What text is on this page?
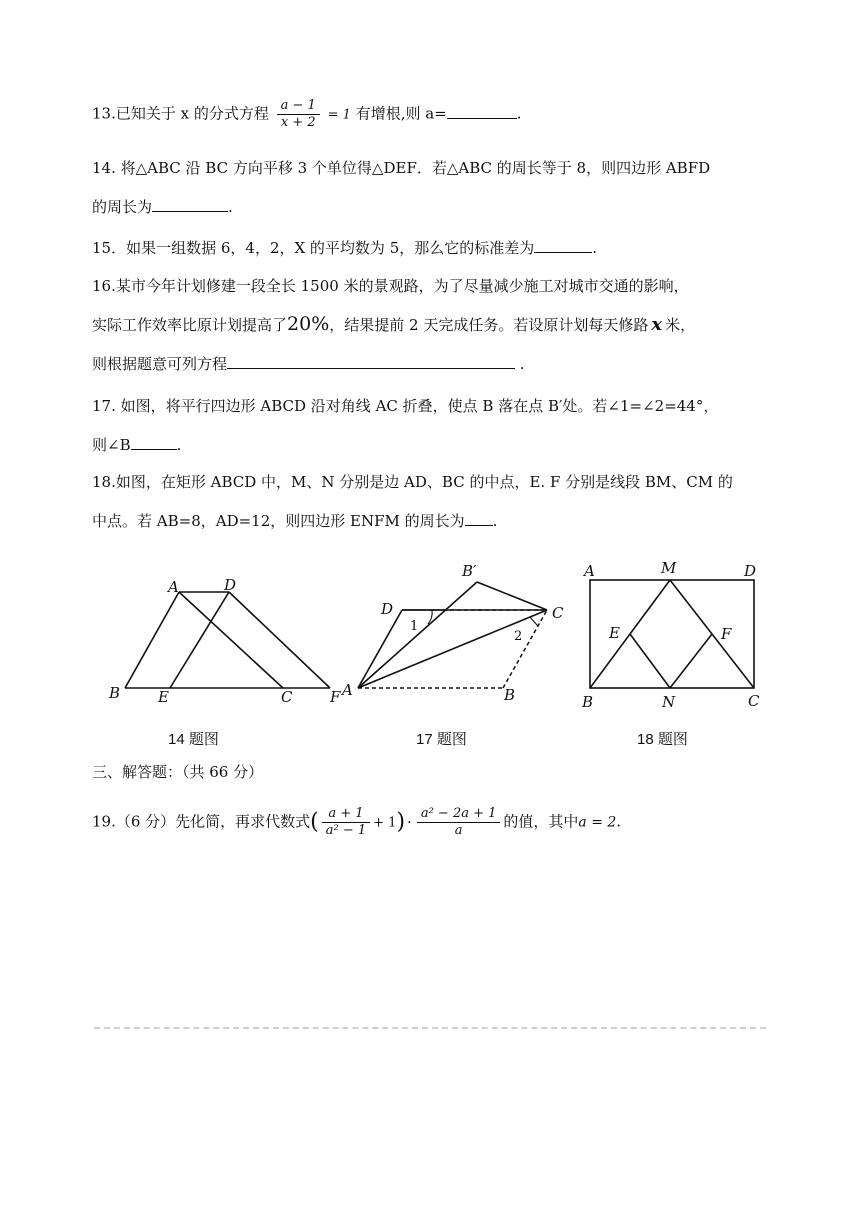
13.已知关于 x 的分式方程 $\frac{a - 1}{x + 2} = 1$ 有增根,则 a=	.
14. 将△ABC 沿 BC 方向平移 3 个单位得△DEF．若△ABC 的周长等于 8，则四边形 ABFD
的周长为	.
15．如果一组数据 6，4，2，X 的平均数为 5，那么它的标准差为	.
16.某市今年计划修建一段全长 1500 米的景观路，为了尽量减少施工对城市交通的影响，
实际工作效率比原计划提高了20%，结果提前 2 天完成任务。若设原计划每天修路 x 米，
则根据题意可列方程	.
17. 如图，将平行四边形 ABCD 沿对角线 AC 折叠，使点 B 落在点 B′处。若∠1=∠2=44°，
则∠B	.
18.如图，在矩形 ABCD 中，M、N 分别是边 AD、BC 的中点，E. F 分别是线段 BM、CM 的
中点。若 AB=8，AD=12，则四边形 ENFM 的周长为 .
A	D
B	E	C	F
B′
D	C
A	B
1
2
A	M	D
E	F
B	N	C
14 题图	17 题图	18 题图
三、解答题：（共 66 分）
19.（6 分）先化简，再求代数式( $\frac{a + 1}{\text{a² − 1}} + 1) \cdot \frac{\text{a² − 2a + 1}}{a}$ 的值，其中a = 2.
